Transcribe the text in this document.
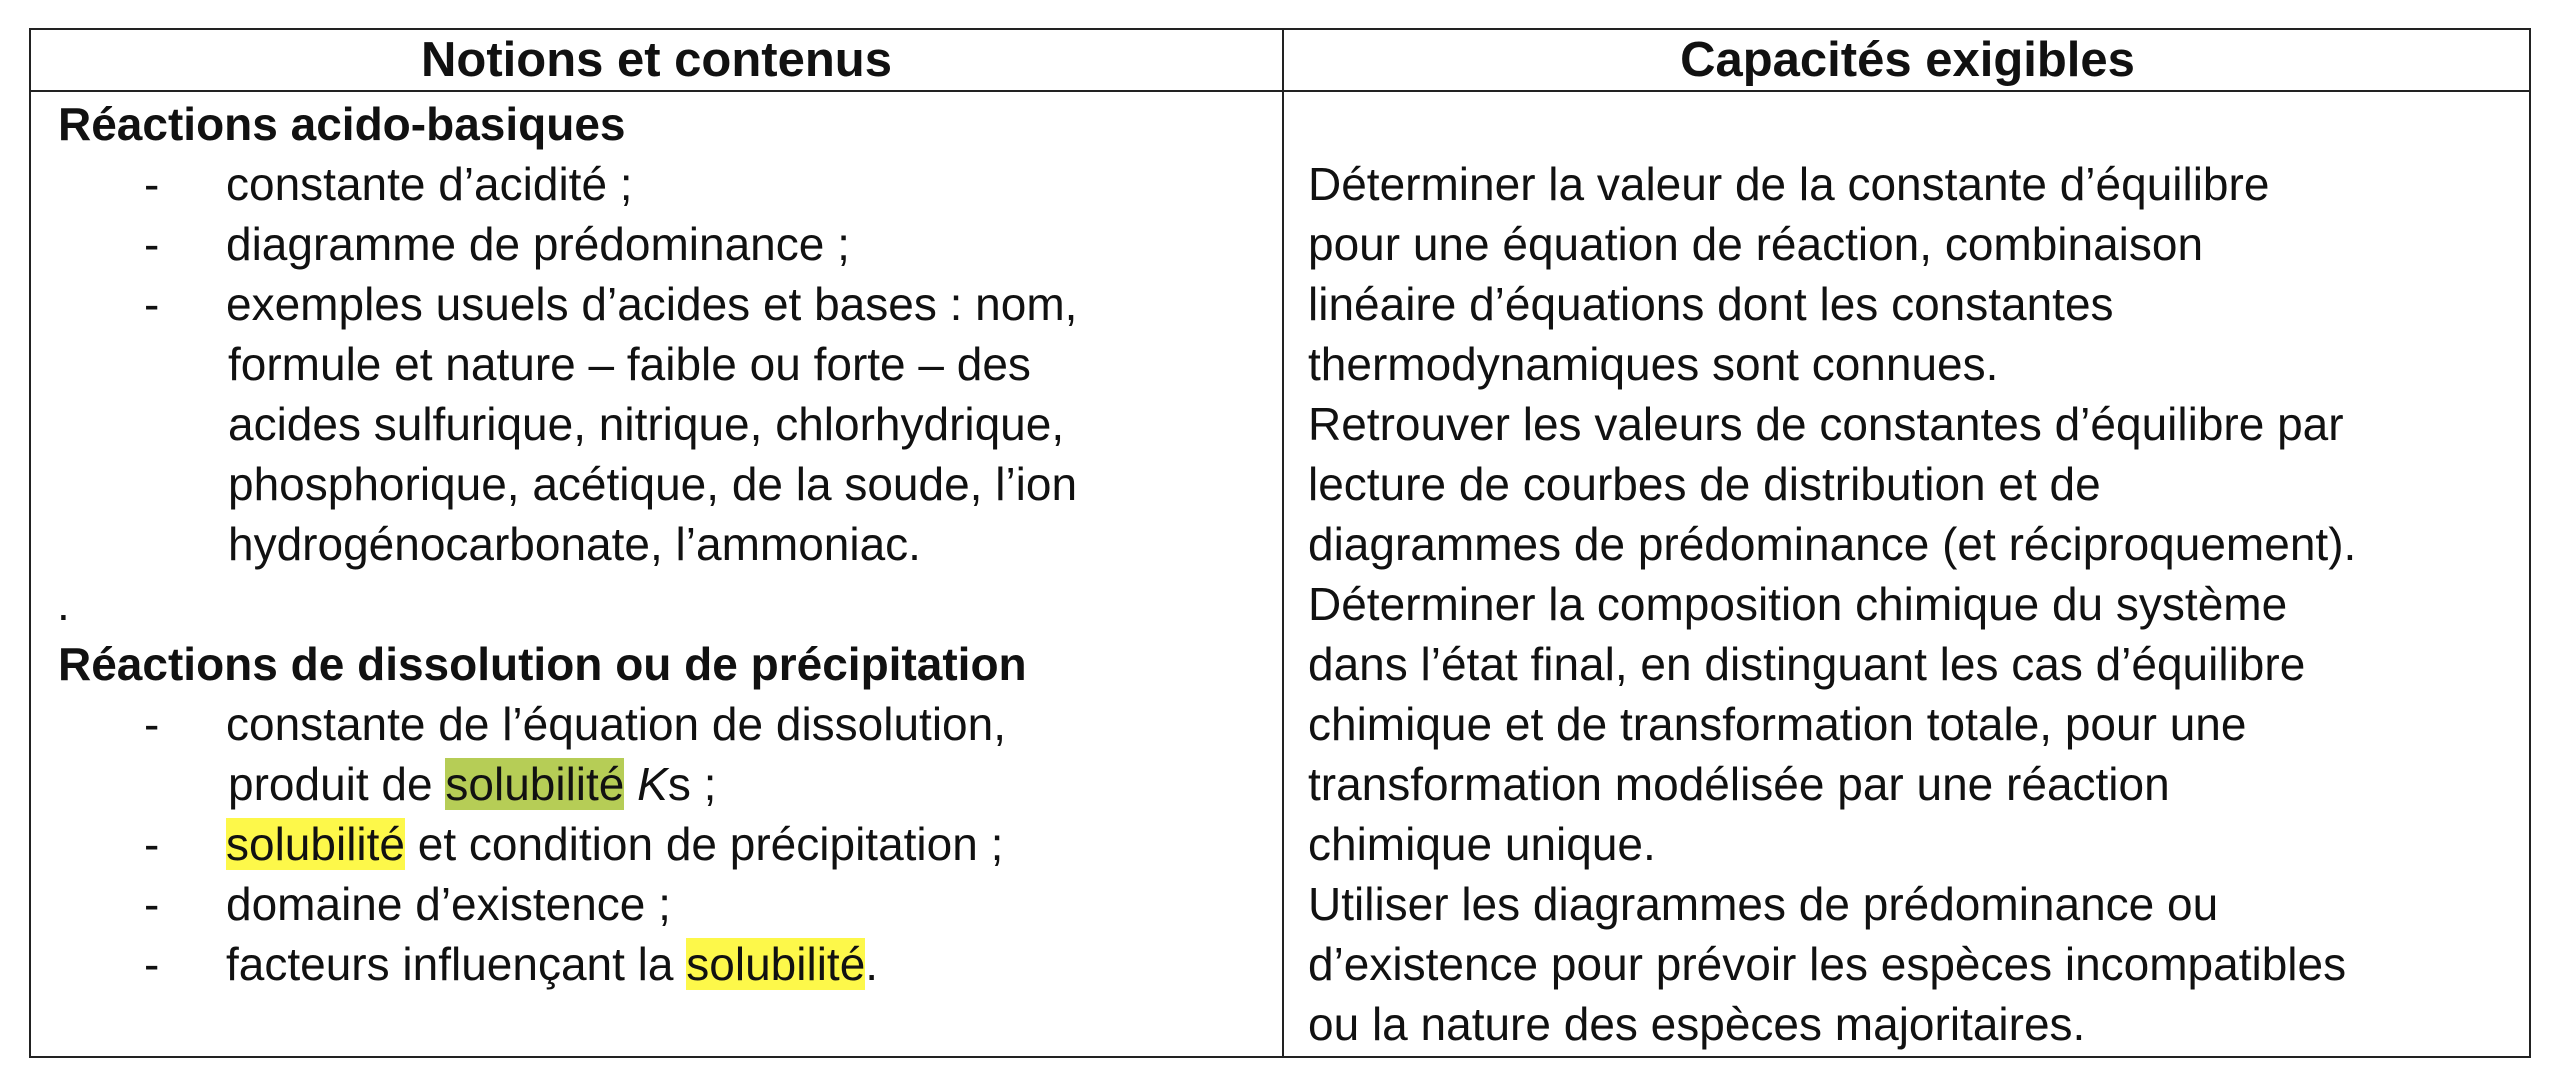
Notions et contenus	Capacités exigibles
Réactions acido-basiques
- constante d’acidité ;
- diagramme de prédominance ;
- exemples usuels d’acides et bases : nom,
formule et nature – faible ou forte – des
acides sulfurique, nitrique, chlorhydrique,
phosphorique, acétique, de la soude, l’ion
hydrogénocarbonate, l’ammoniac.
.
Réactions de dissolution ou de précipitation
- constante de l’équation de dissolution,
produit de solubilité Ks ;
- solubilité et condition de précipitation ;
- domaine d’existence ;
- facteurs influençant la solubilité.
Déterminer la valeur de la constante d’équilibre
pour une équation de réaction, combinaison
linéaire d’équations dont les constantes
thermodynamiques sont connues.
Retrouver les valeurs de constantes d’équilibre par
lecture de courbes de distribution et de
diagrammes de prédominance (et réciproquement).
Déterminer la composition chimique du système
dans l’état final, en distinguant les cas d’équilibre
chimique et de transformation totale, pour une
transformation modélisée par une réaction
chimique unique.
Utiliser les diagrammes de prédominance ou
d’existence pour prévoir les espèces incompatibles
ou la nature des espèces majoritaires.
